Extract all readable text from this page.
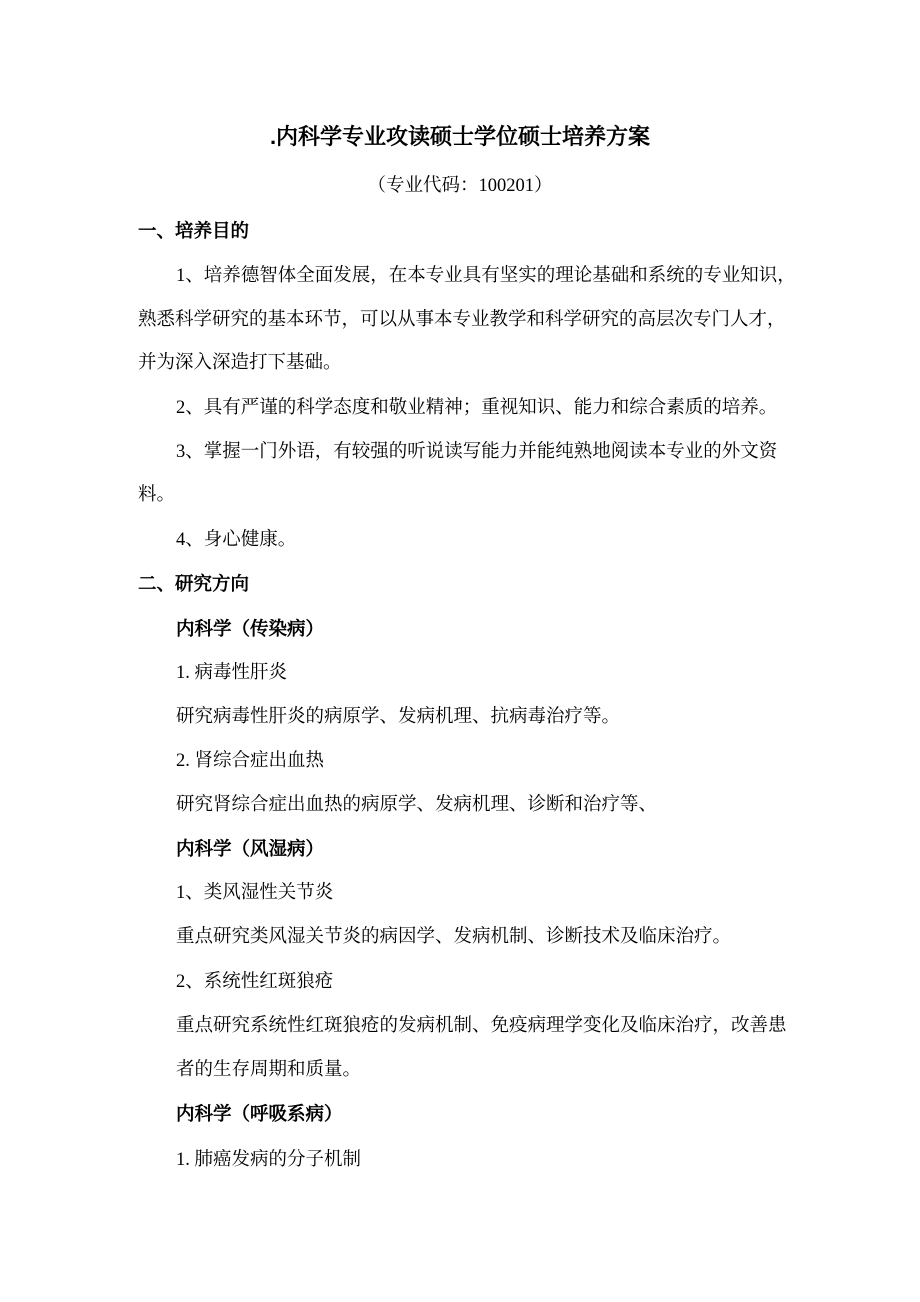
.内科学专业攻读硕士学位硕士培养方案
（专业代码：100201）
一、培养目的
1、培养德智体全面发展，在本专业具有坚实的理论基础和系统的专业知识，
熟悉科学研究的基本环节，可以从事本专业教学和科学研究的高层次专门人才，
并为深入深造打下基础。
2、具有严谨的科学态度和敬业精神；重视知识、能力和综合素质的培养。
3、掌握一门外语，有较强的听说读写能力并能纯熟地阅读本专业的外文资
料。
4、身心健康。
二、研究方向
内科学（传染病）
1. 病毒性肝炎
研究病毒性肝炎的病原学、发病机理、抗病毒治疗等。
2. 肾综合症出血热
研究肾综合症出血热的病原学、发病机理、诊断和治疗等、
内科学（风湿病）
1、类风湿性关节炎
重点研究类风湿关节炎的病因学、发病机制、诊断技术及临床治疗。
2、系统性红斑狼疮
重点研究系统性红斑狼疮的发病机制、免疫病理学变化及临床治疗，改善患
者的生存周期和质量。
内科学（呼吸系病）
1. 肺癌发病的分子机制
